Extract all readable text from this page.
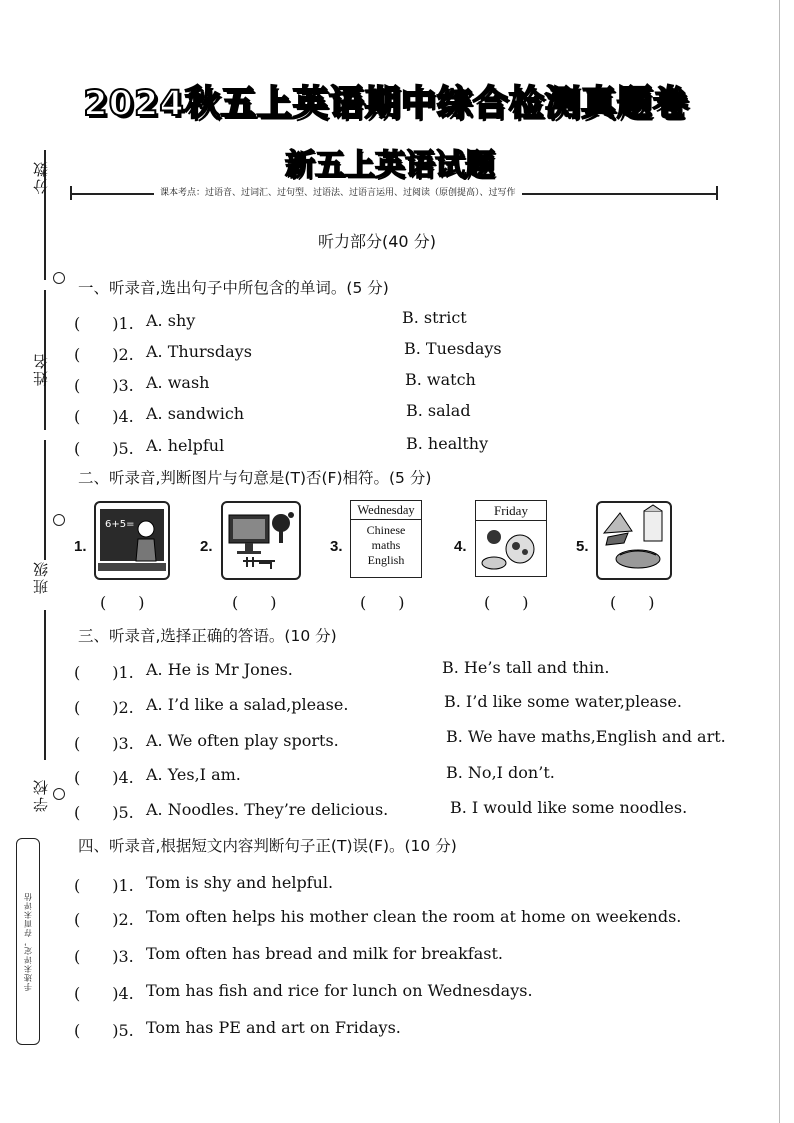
分数
姓名
班级
学校
手迹未评定，存而未评估
2024秋五上英语期中综合检测真题卷
新五上英语试题
课本考点：过语音、过词汇、过句型、过语法、过语言运用、过阅读（原创提高）、过写作
听力部分(40 分)
一、听录音,选出句子中所包含的单词。(5 分)
(　　)1. A. shy	B. strict
(　　)2. A. Thursdays	B. Tuesdays
(　　)3. A. wash	B. watch
(　　)4. A. sandwich	B. salad
(　　)5. A. helpful	B. healthy
二、听录音,判断图片与句意是(T)否(F)相符。(5 分)
1.
6+5=
2.	3.
Wednesday
Chinese
maths
English
4.
Friday
5.
(　　)	(　　)	(　　)	(　　)	(　　)
三、听录音,选择正确的答语。(10 分)
(　　)1. A. He is Mr Jones.	B. He’s tall and thin.
(　　)2. A. I’d like a salad,please.	B. I’d like some water,please.
(　　)3. A. We often play sports.	B. We have maths,English and art.
(　　)4. A. Yes,I am.	B. No,I don’t.
(　　)5. A. Noodles. They’re delicious.	B. I would like some noodles.
四、听录音,根据短文内容判断句子正(T)误(F)。(10 分)
(　　)1. Tom is shy and helpful.
(　　)2. Tom often helps his mother clean the room at home on weekends.
(　　)3. Tom often has bread and milk for breakfast.
(　　)4. Tom has fish and rice for lunch on Wednesdays.
(　　)5. Tom has PE and art on Fridays.
